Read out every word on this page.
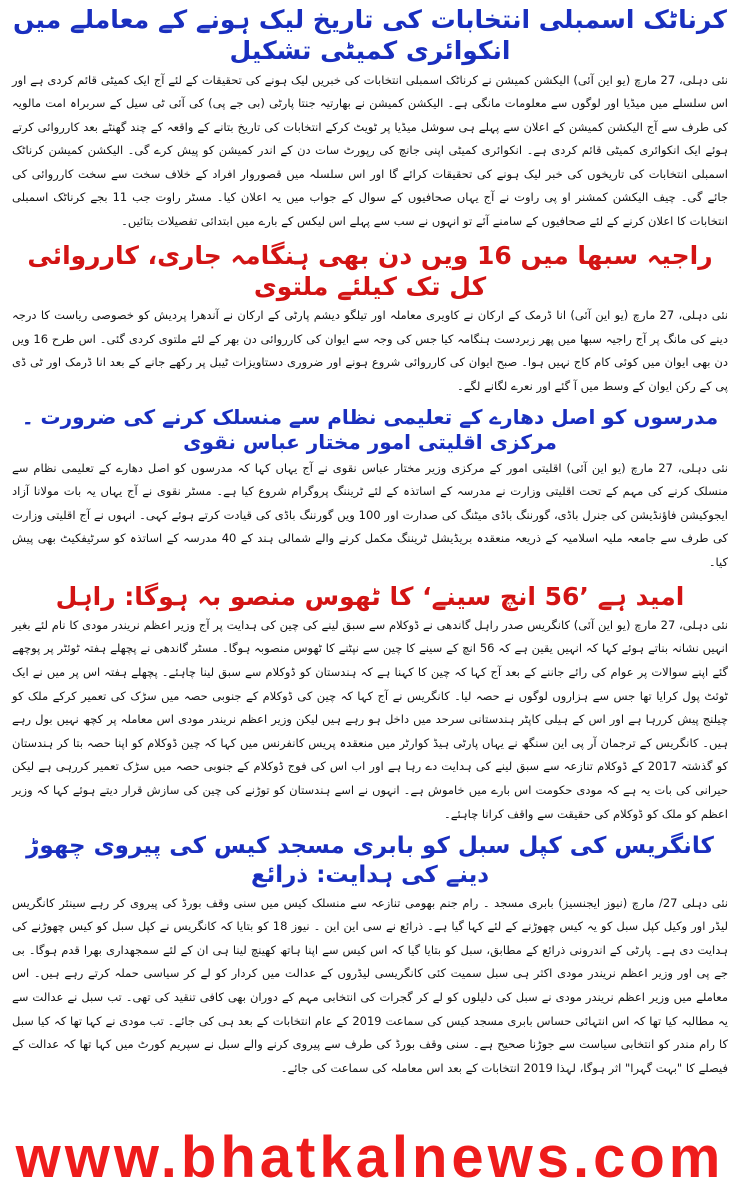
کرناٹک اسمبلی انتخابات کی تاریخ لیک ہونے کے معاملے میں انکوائری کمیٹی تشکیل

نئی دہلی، 27 مارچ (یو این آئی) الیکشن کمیشن نے کرناٹک اسمبلی انتخابات کی خبریں لیک ہونے کی تحقیقات کے لئے آج ایک کمیٹی قائم کردی ہے اور اس سلسلے میں میڈیا اور لوگوں سے معلومات مانگی ہے۔ الیکشن کمیشن نے بھارتیہ جنتا پارٹی (بی جے پی) کی آئی ٹی سیل کے سربراہ امت مالویہ کی طرف سے آج الیکشن کمیشن کے اعلان سے پہلے ہی سوشل میڈیا پر ٹویٹ کرکے انتخابات کی تاریخ بتانے کے واقعہ کے چند گھنٹے بعد کارروائی کرتے ہوئے ایک انکوائری کمیٹی قائم کردی ہے۔ انکوائری کمیٹی اپنی جانچ کی رپورٹ سات دن کے اندر کمیشن کو پیش کرے گی۔ الیکشن کمیشن کرناٹک اسمبلی انتخابات کی تاریخوں کی خبر لیک ہونے کی تحقیقات کرائے گا اور اس سلسلہ میں قصوروار افراد کے خلاف سخت سے سخت کارروائی کی جائے گی۔ چیف الیکشن کمشنر او پی راوت نے آج یہاں صحافیوں کے سوال کے جواب میں یہ اعلان کیا۔ مسٹر راوت جب 11 بجے کرناٹک اسمبلی انتخابات کا اعلان کرنے کے لئے صحافیوں کے سامنے آئے تو انہوں نے سب سے پہلے اس لیکس کے بارے میں ابتدائی تفصیلات بتائیں۔

راجیہ سبھا میں 16 ویں دن بھی ہنگامہ جاری، کارروائی کل تک کیلئے ملتوی

نئی دہلی، 27 مارچ (یو این آئی) انا ڈرمک کے ارکان نے کاویری معاملہ اور تیلگو دیشم پارٹی کے ارکان نے آندھرا پردیش کو خصوصی ریاست کا درجہ دینے کی مانگ پر آج راجیہ سبھا میں پھر زبردست ہنگامہ کیا جس کی وجہ سے ایوان کی کارروائی دن بھر کے لئے ملتوی کردی گئی۔ اس طرح 16 ویں دن بھی ایوان میں کوئی کام کاج نہیں ہوا۔ صبح ایوان کی کارروائی شروع ہونے اور ضروری دستاویزات ٹیبل پر رکھے جانے کے بعد انا ڈرمک اور ٹی ڈی پی کے رکن ایوان کے وسط میں آ گئے اور نعرے لگانے لگے۔

مدرسوں کو اصل دھارے کے تعلیمی نظام سے منسلک کرنے کی ضرورت ۔ مرکزی اقلیتی امور مختار عباس نقوی

نئی دہلی، 27 مارچ (یو این آئی) اقلیتی امور کے مرکزی وزیر مختار عباس نقوی نے آج یہاں کہا کہ مدرسوں کو اصل دھارے کے تعلیمی نظام سے منسلک کرنے کی مہم کے تحت اقلیتی وزارت نے مدرسہ کے اساتذہ کے لئے ٹریننگ پروگرام شروع کیا ہے۔ مسٹر نقوی نے آج یہاں یہ بات مولانا آزاد ایجوکیشن فاؤنڈیشن کی جنرل باڈی، گورننگ باڈی میٹنگ کی صدارت اور 100 ویں گورننگ باڈی کی قیادت کرتے ہوئے کہی۔ انہوں نے آج اقلیتی وزارت کی طرف سے جامعہ ملیہ اسلامیہ کے ذریعہ منعقدہ بریڈیشل ٹریننگ مکمل کرنے والے شمالی ہند کے 40 مدرسہ کے اساتذہ کو سرٹیفکیٹ بھی پیش کیا۔

امید ہے ’56 انچ سینے‘ کا ٹھوس منصو بہ ہوگا: راہل

نئی دہلی، 27 مارچ (یو این آئی) کانگریس صدر راہل گاندھی نے ڈوکلام سے سبق لینے کی چین کی ہدایت پر آج وزیر اعظم نریندر مودی کا نام لئے بغیر انہیں نشانہ بناتے ہوئے کہا کہ انہیں یقین ہے کہ 56 انچ کے سینے کا چین سے نپٹنے کا ٹھوس منصوبہ ہوگا۔ مسٹر گاندھی نے پچھلے ہفتہ ٹوئٹر پر پوچھے گئے اپنے سوالات پر عوام کی رائے جاننے کے بعد آج کہا کہ چین کا کہنا ہے کہ ہندستان کو ڈوکلام سے سبق لینا چاہئے۔ پچھلے ہفتہ اس پر میں نے ایک ٹوئٹ پول کرایا تھا جس سے ہزاروں لوگوں نے حصہ لیا۔ کانگریس نے آج کہا کہ چین کی ڈوکلام کے جنوبی حصہ میں سڑک کی تعمیر کرکے ملک کو چیلنج پیش کررہا ہے اور اس کے ہیلی کاپٹر ہندستانی سرحد میں داخل ہو رہے ہیں لیکن وزیر اعظم نریندر مودی اس معاملہ پر کچھ نہیں بول رہے ہیں۔ کانگریس کے ترجمان آر پی این سنگھ نے یہاں پارٹی ہیڈ کوارٹر میں منعقدہ پریس کانفرنس میں کہا کہ چین ڈوکلام کو اپنا حصہ بتا کر ہندستان کو گذشتہ 2017 کے ڈوکلام تنازعہ سے سبق لینے کی ہدایت دے رہا ہے اور اب اس کی فوج ڈوکلام کے جنوبی حصہ میں سڑک تعمیر کررہی ہے لیکن حیرانی کی بات یہ ہے کہ مودی حکومت اس بارے میں خاموش ہے۔ انہوں نے اسے ہندستان کو توڑنے کی چین کی سازش قرار دیتے ہوئے کہا کہ وزیر اعظم کو ملک کو ڈوکلام کی حقیقت سے واقف کرانا چاہئے۔

کانگریس کی کپل سبل کو بابری مسجد کیس کی پیروی چھوڑ دینے کی ہدایت: ذرائع

نئی دہلی 27/ مارچ (نیوز ایجنسیز) بابری مسجد ۔ رام جنم بھومی تنازعہ سے منسلک کیس میں سنی وقف بورڈ کی پیروی کر رہے سینئر کانگریس لیڈر اور وکیل کپل سبل کو یہ کیس چھوڑنے کے لئے کہا گیا ہے۔ ذرائع نے سی این این ۔ نیوز 18 کو بتایا کہ کانگریس نے کپل سبل کو کیس چھوڑنے کی ہدایت دی ہے۔ پارٹی کے اندرونی ذرائع کے مطابق، سبل کو بتایا گیا کہ اس کیس سے اپنا ہاتھ کھینچ لینا ہی ان کے لئے سمجھداری بھرا قدم ہوگا۔ بی جے پی اور وزیر اعظم نریندر مودی اکثر ہی سبل سمیت کئی کانگریسی لیڈروں کے عدالت میں کردار کو لے کر سیاسی حملہ کرتے رہے ہیں۔ اس معاملے میں وزیر اعظم نریندر مودی نے سبل کی دلیلوں کو لے کر گجرات کی انتخابی مہم کے دوران بھی کافی تنقید کی تھی۔ تب سبل نے عدالت سے یہ مطالبہ کیا تھا کہ اس انتہائی حساس بابری مسجد کیس کی سماعت 2019 کے عام انتخابات کے بعد ہی کی جائے۔ تب مودی نے کہا تھا کہ کیا سبل کا رام مندر کو انتخابی سیاست سے جوڑنا صحیح ہے۔ سنی وقف بورڈ کی طرف سے پیروی کرنے والے سبل نے سپریم کورٹ میں کہا تھا کہ عدالت کے فیصلے کا "بہت گہرا" اثر ہوگا، لہذا 2019 انتخابات کے بعد اس معاملہ کی سماعت کی جائے۔

www.bhatkalnews.com
